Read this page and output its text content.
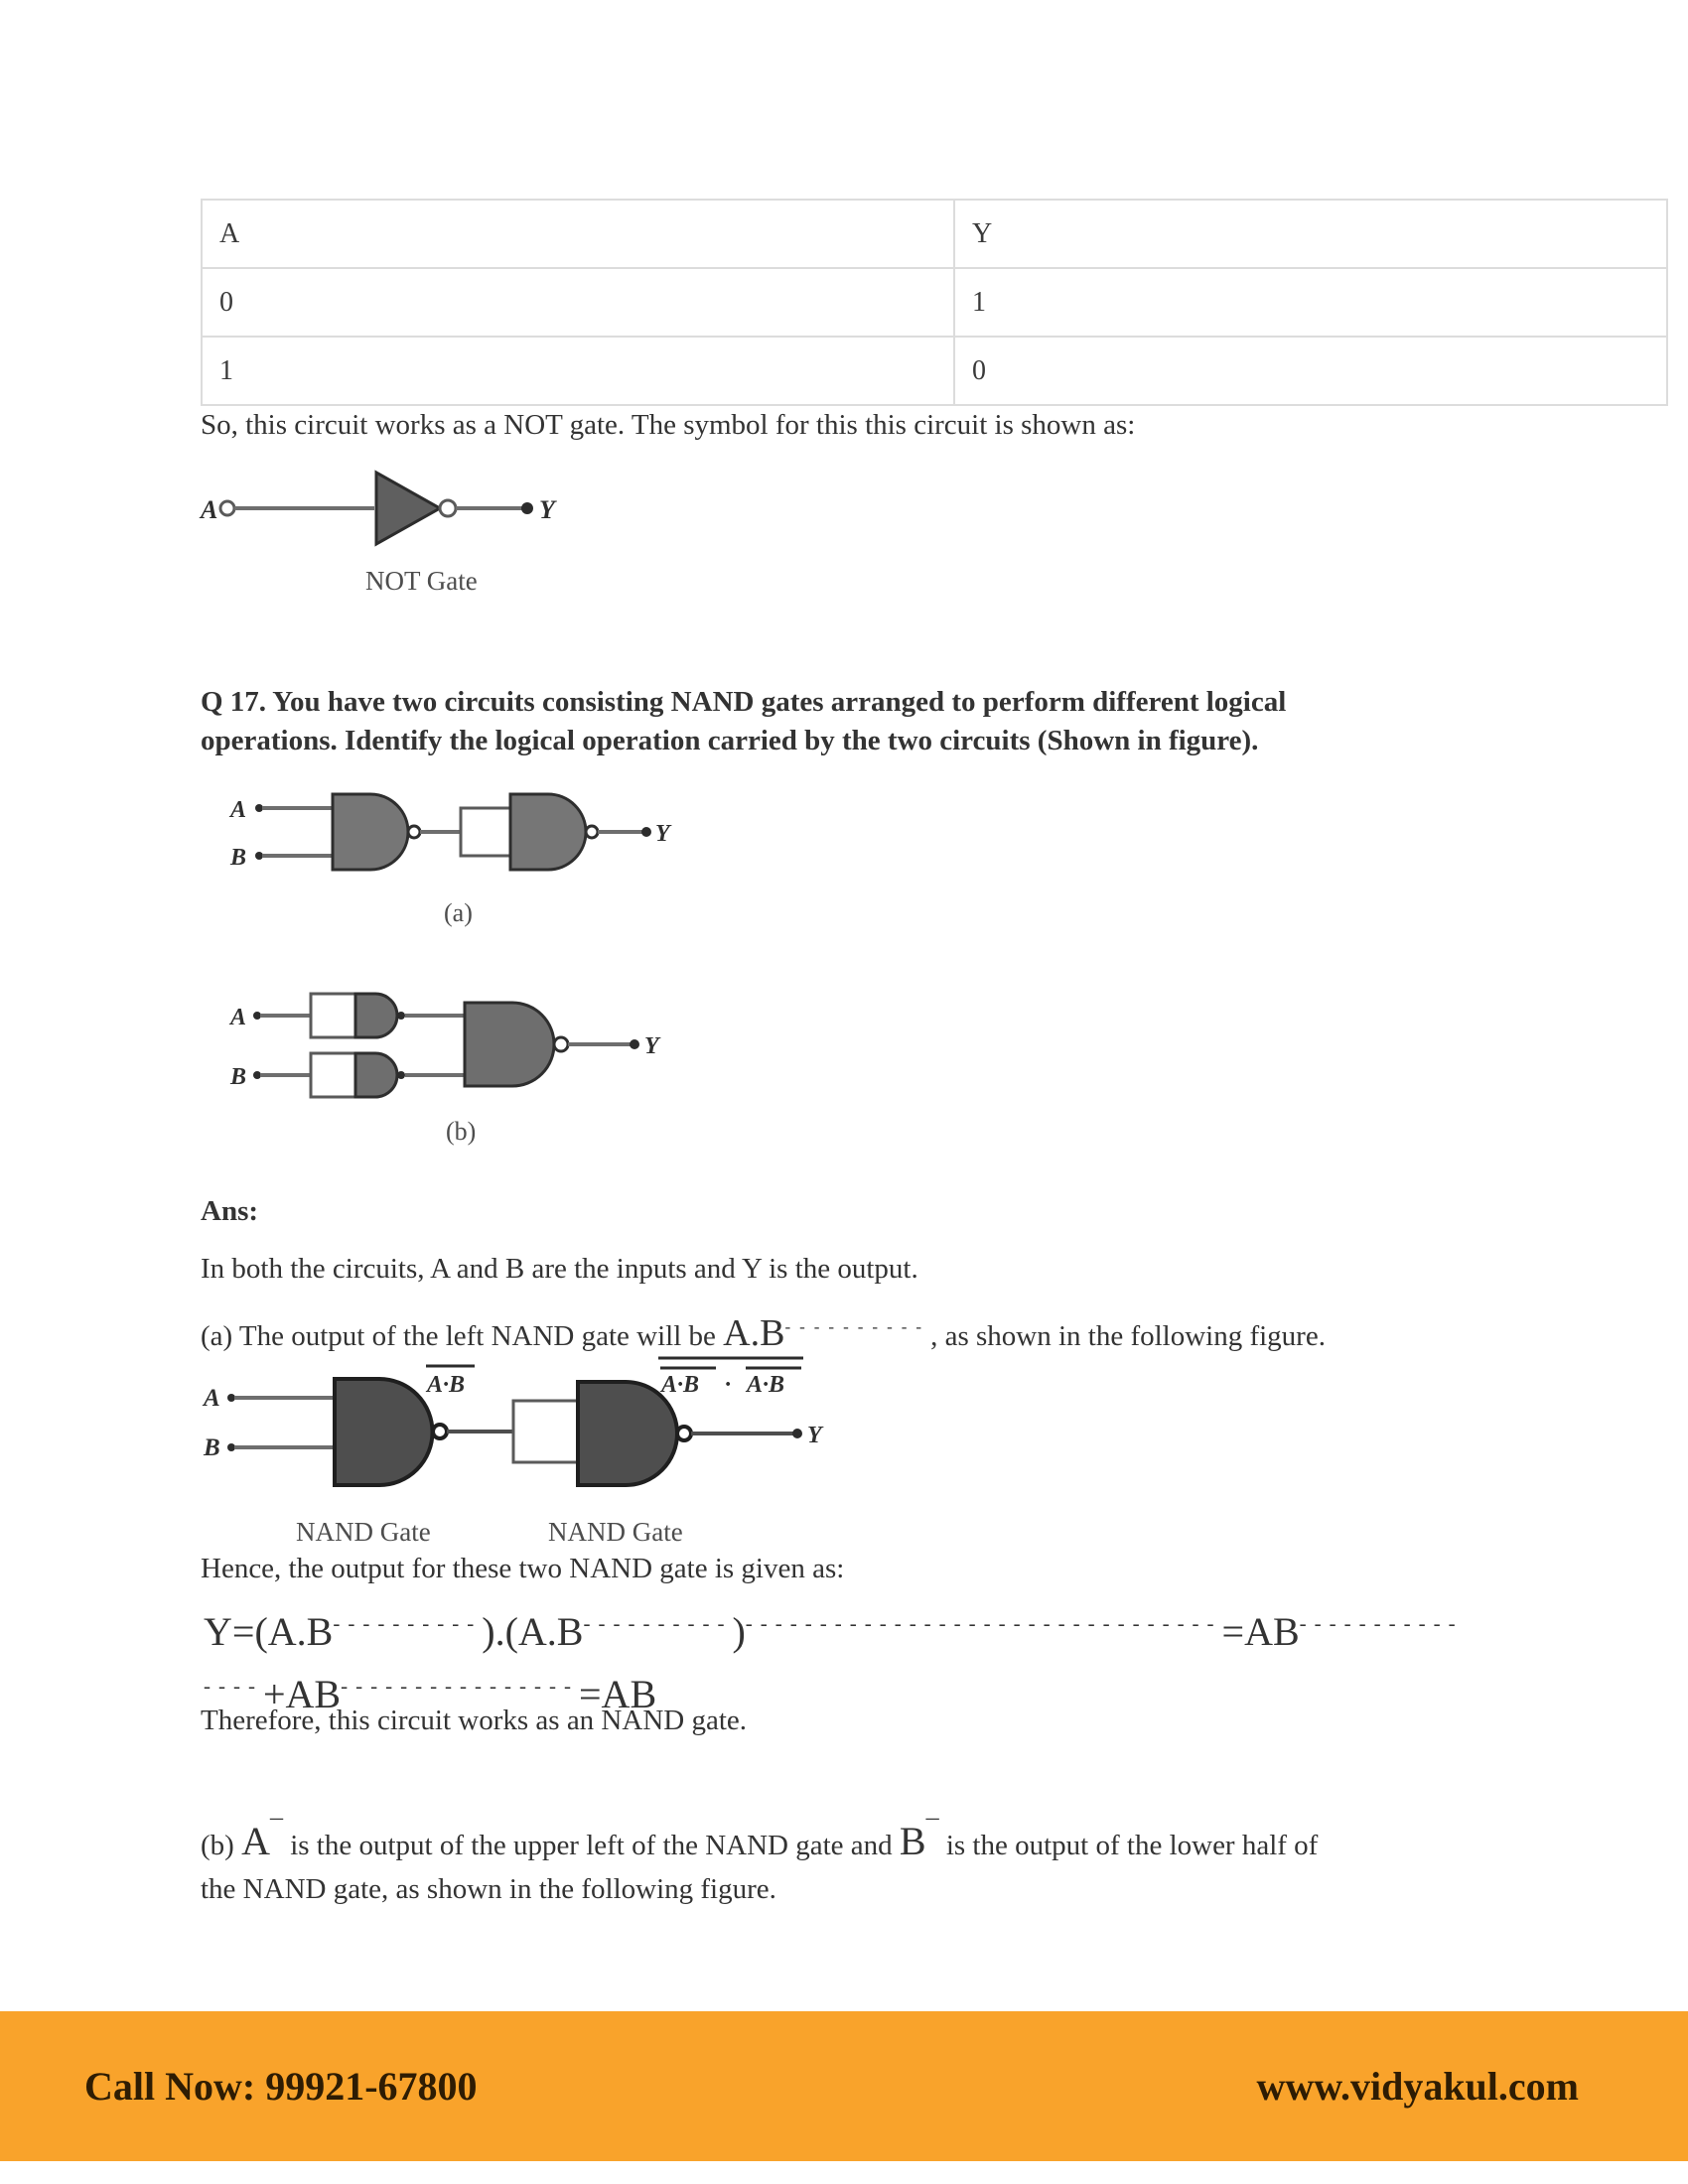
A	Y
0	1
1	0
So, this circuit works as a NOT gate. The symbol for this this circuit is shown as:
A	Y
NOT Gate
Q 17. You have two circuits consisting NAND gates arranged to perform different logical
operations. Identify the logical operation carried by the two circuits (Shown in figure).
A
B
Y
(a)
A
B
Y
(b)
Ans:
In both the circuits, A and B are the inputs and Y is the output.
(a) The output of the left NAND gate will be A.B----------, as shown in the following figure.
A
B
A·B
Y
A·B · A·B
NAND Gate	NAND Gate
Hence, the output for these two NAND gate is given as:
Y=(A.B----------).(A.B----------)--------------------------------=AB-----------
----+AB----------------=AB
Therefore, this circuit works as an NAND gate.
(b) A¯ is the output of the upper left of the NAND gate and B¯ is the output of the lower half of
the NAND gate, as shown in the following figure.
Call Now: 99921-67800	www.vidyakul.com
